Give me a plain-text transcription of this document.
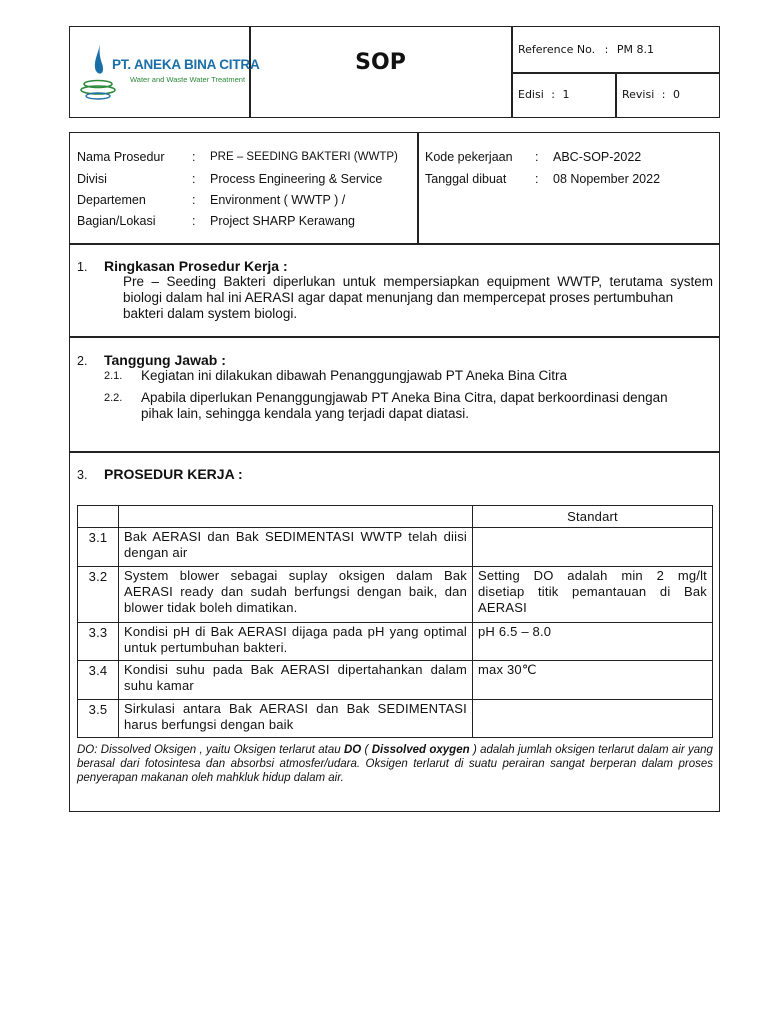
PT. ANEKA BINA CITRA
Water and Waste Water Treatment
SOP
Reference No. : PM 8.1
Edisi : 1	Revisi : 0
Nama Prosedur : PRE – SEEDING BAKTERI (WWTP)
Divisi	: Process Engineering & Service
Departemen	: Environment ( WWTP ) /
Bagian/Lokasi	: Project SHARP Kerawang
Kode pekerjaan : ABC-SOP-2022
Tanggal dibuat : 08 Nopember 2022
1. Ringkasan Prosedur Kerja :
Pre – Seeding Bakteri diperlukan untuk mempersiapkan equipment WWTP, terutama system
biologi dalam hal ini AERASI agar dapat menunjang dan mempercepat proses pertumbuhan
bakteri dalam system biologi.
2. Tanggung Jawab :
2.1. Kegiatan ini dilakukan dibawah Penanggungjawab PT Aneka Bina Citra
2.2. Apabila diperlukan Penanggungjawab PT Aneka Bina Citra, dapat berkoordinasi dengan
pihak lain, sehingga kendala yang terjadi dapat diatasi.
3. PROSEDUR KERJA :
		Standart
3.1	Bak AERASI dan Bak SEDIMENTASI WWTP telah diisi dengan air	
3.2	System blower sebagai suplay oksigen dalam Bak AERASI ready dan sudah berfungsi dengan baik, dan blower tidak boleh dimatikan.	Setting DO adalah min 2 mg/lt disetiap titik pemantauan di Bak AERASI
3.3	Kondisi pH di Bak AERASI dijaga pada pH yang optimal untuk pertumbuhan bakteri.	pH 6.5 – 8.0
3.4	Kondisi suhu pada Bak AERASI dipertahankan dalam suhu kamar	max 30℃
3.5	Sirkulasi antara Bak AERASI dan Bak SEDIMENTASI harus berfungsi dengan baik	
DO: Dissolved Oksigen , yaitu Oksigen terlarut atau DO ( Dissolved oxygen ) adalah jumlah oksigen terlarut dalam air yang berasal dari fotosintesa dan absorbsi atmosfer/udara. Oksigen terlarut di suatu perairan sangat berperan dalam proses penyerapan makanan oleh mahkluk hidup dalam air.
